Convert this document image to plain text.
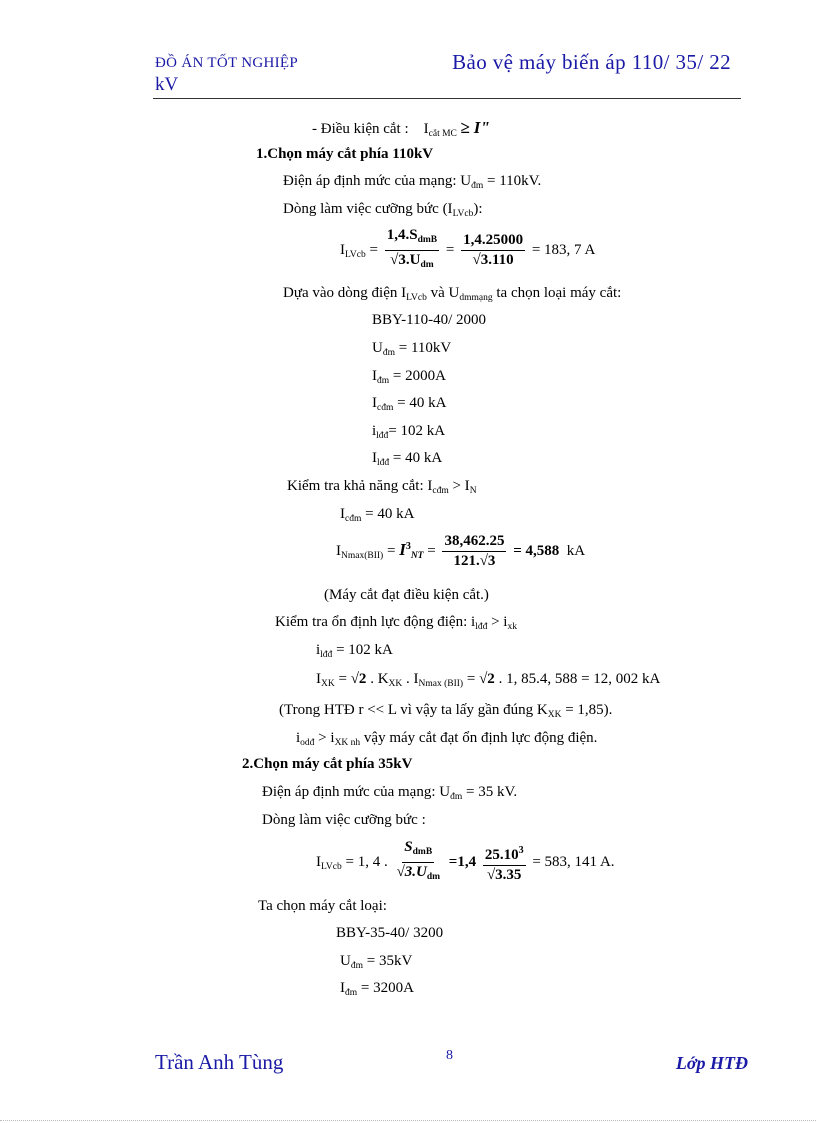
ĐỒ ÁN TỐT NGHIỆP
kV
Bảo vệ máy biến áp 110/ 35/ 22
- Điều kiện cắt : $I_{cắt MC} \ge I$"
1.Chọn máy cắt phía 110kV
Điện áp định mức của mạng: $U_{đm} = 110kV$.
Dòng làm việc cưỡng bức $(I_{LVcb})$:
$I_{LVcb} = \frac{1,4.S_{dmB}}{√3.U_{dm}} = \frac{1,4.25000}{√3.110} = 183$, 7 A
Dựa vào dòng điện $I_{LVcb}$ và $U_{dmmạng}$ ta chọn loại máy cắt:
BBY-110-40/ 2000
$U_{đm} = 110kV$
$I_{đm} = 2000A$
$I_{cđm} = 40$ kA
$i_{lđđ}= 102$ kA
$I_{lđđ} = 40$ kA
Kiểm tra khả năng cắt: $I_{cđm} > I_N$
$I_{cđm} = 40$ kA
$I_{Nmax(BII)} = I^3_{NT} = \frac{38,462.25}{121.√3} = 4,588$ kA
(Máy cắt đạt điều kiện cắt.)
Kiểm tra ổn định lực động điện: $i_{lđđ} > i_{xk}$
$i_{lđđ} = 102$ kA
$I_{XK} = √2$ . $K_{XK}$ . $I_{Nmax (BII)} = √2$ . 1, 85.4, 588 = 12, 002 kA
(Trong HTĐ r << L vì vậy ta lấy gần đúng $K_{XK} = 1,85$).
$i_{odđ} > i_{XK nh}$ vậy máy cắt đạt ổn định lực động điện.
2.Chọn máy cắt phía 35kV
Điện áp định mức của mạng: $U_{đm} = 35$ kV.
Dòng làm việc cưỡng bức :
$I_{LVcb} = 1$, 4 . $\frac{S_{dmB}}{√3.U_{dm}} =1,4 \frac{25.10^3}{√3.35} = 583$, 141 A.
Ta chọn máy cắt loại:
BBY-35-40/ 3200
$U_{đm} = 35kV$
$I_{đm} = 3200A$
Trần Anh Tùng	8	Lớp HTĐ
